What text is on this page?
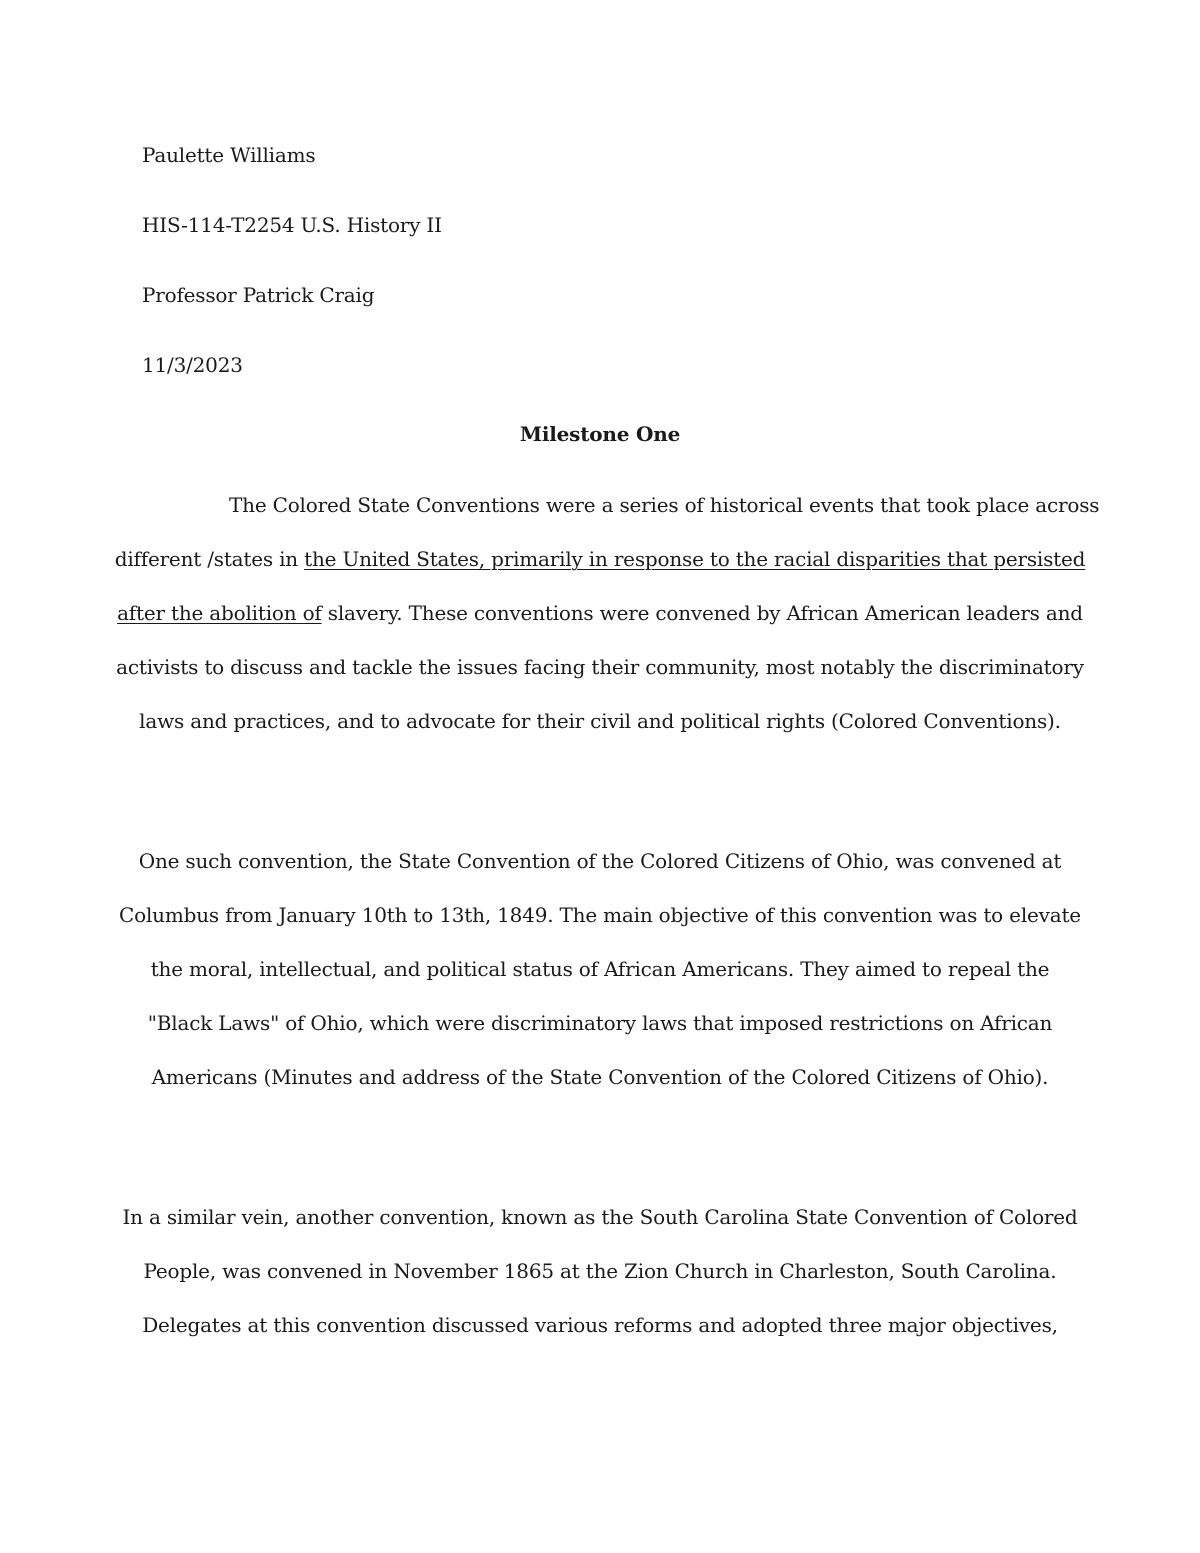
Paulette Williams
HIS-114-T2254 U.S. History II
Professor Patrick Craig
11/3/2023
Milestone One
The Colored State Conventions were a series of historical events that took place across
different /states in the United States, primarily in response to the racial disparities that persisted
after the abolition of slavery. These conventions were convened by African American leaders and
activists to discuss and tackle the issues facing their community, most notably the discriminatory
laws and practices, and to advocate for their civil and political rights (Colored Conventions).
One such convention, the State Convention of the Colored Citizens of Ohio, was convened at
Columbus from January 10th to 13th, 1849. The main objective of this convention was to elevate
the moral, intellectual, and political status of African Americans. They aimed to repeal the
"Black Laws" of Ohio, which were discriminatory laws that imposed restrictions on African
Americans (Minutes and address of the State Convention of the Colored Citizens of Ohio).
In a similar vein, another convention, known as the South Carolina State Convention of Colored
People, was convened in November 1865 at the Zion Church in Charleston, South Carolina.
Delegates at this convention discussed various reforms and adopted three major objectives,
